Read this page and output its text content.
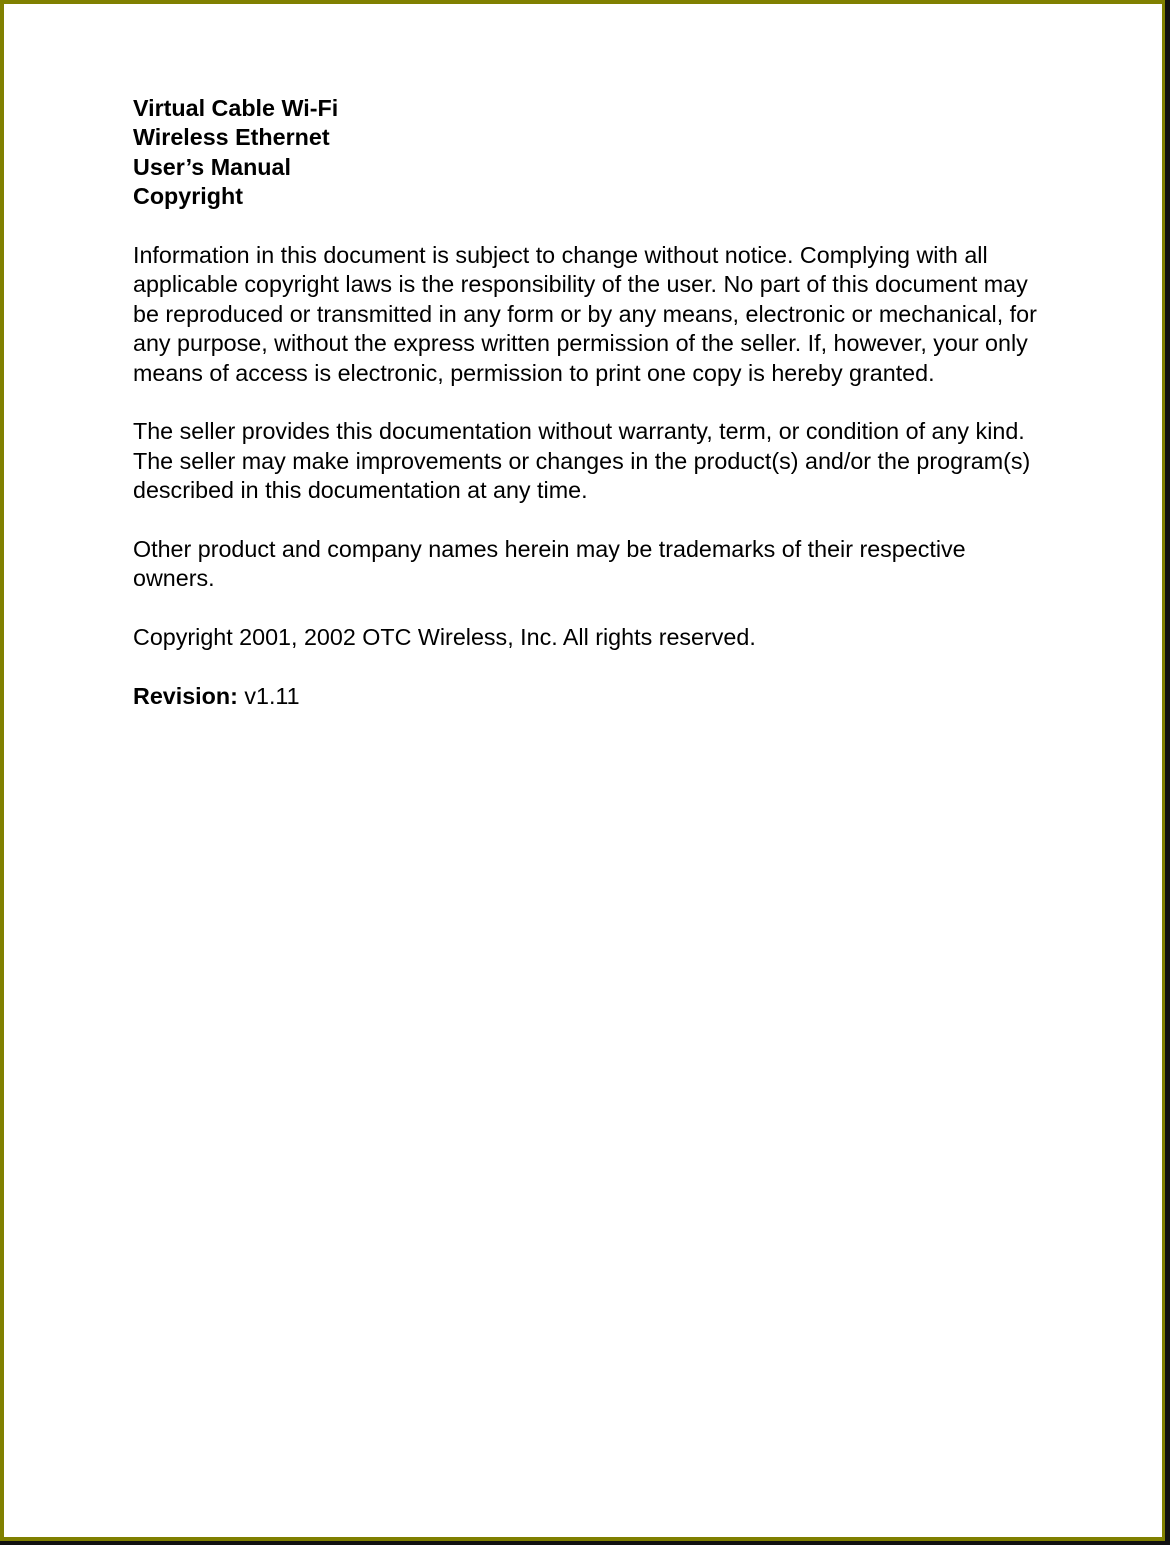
Virtual Cable Wi-Fi
Wireless Ethernet
User’s Manual
Copyright

Information in this document is subject to change without notice. Complying with all applicable copyright laws is the responsibility of the user. No part of this document may be reproduced or transmitted in any form or by any means, electronic or mechanical, for any purpose, without the express written permission of the seller. If, however, your only means of access is electronic, permission to print one copy is hereby granted.

The seller provides this documentation without warranty, term, or condition of any kind. The seller may make improvements or changes in the product(s) and/or the program(s) described in this documentation at any time.

Other product and company names herein may be trademarks of their respective owners.

Copyright 2001, 2002 OTC Wireless, Inc. All rights reserved.

Revision: v1.11
